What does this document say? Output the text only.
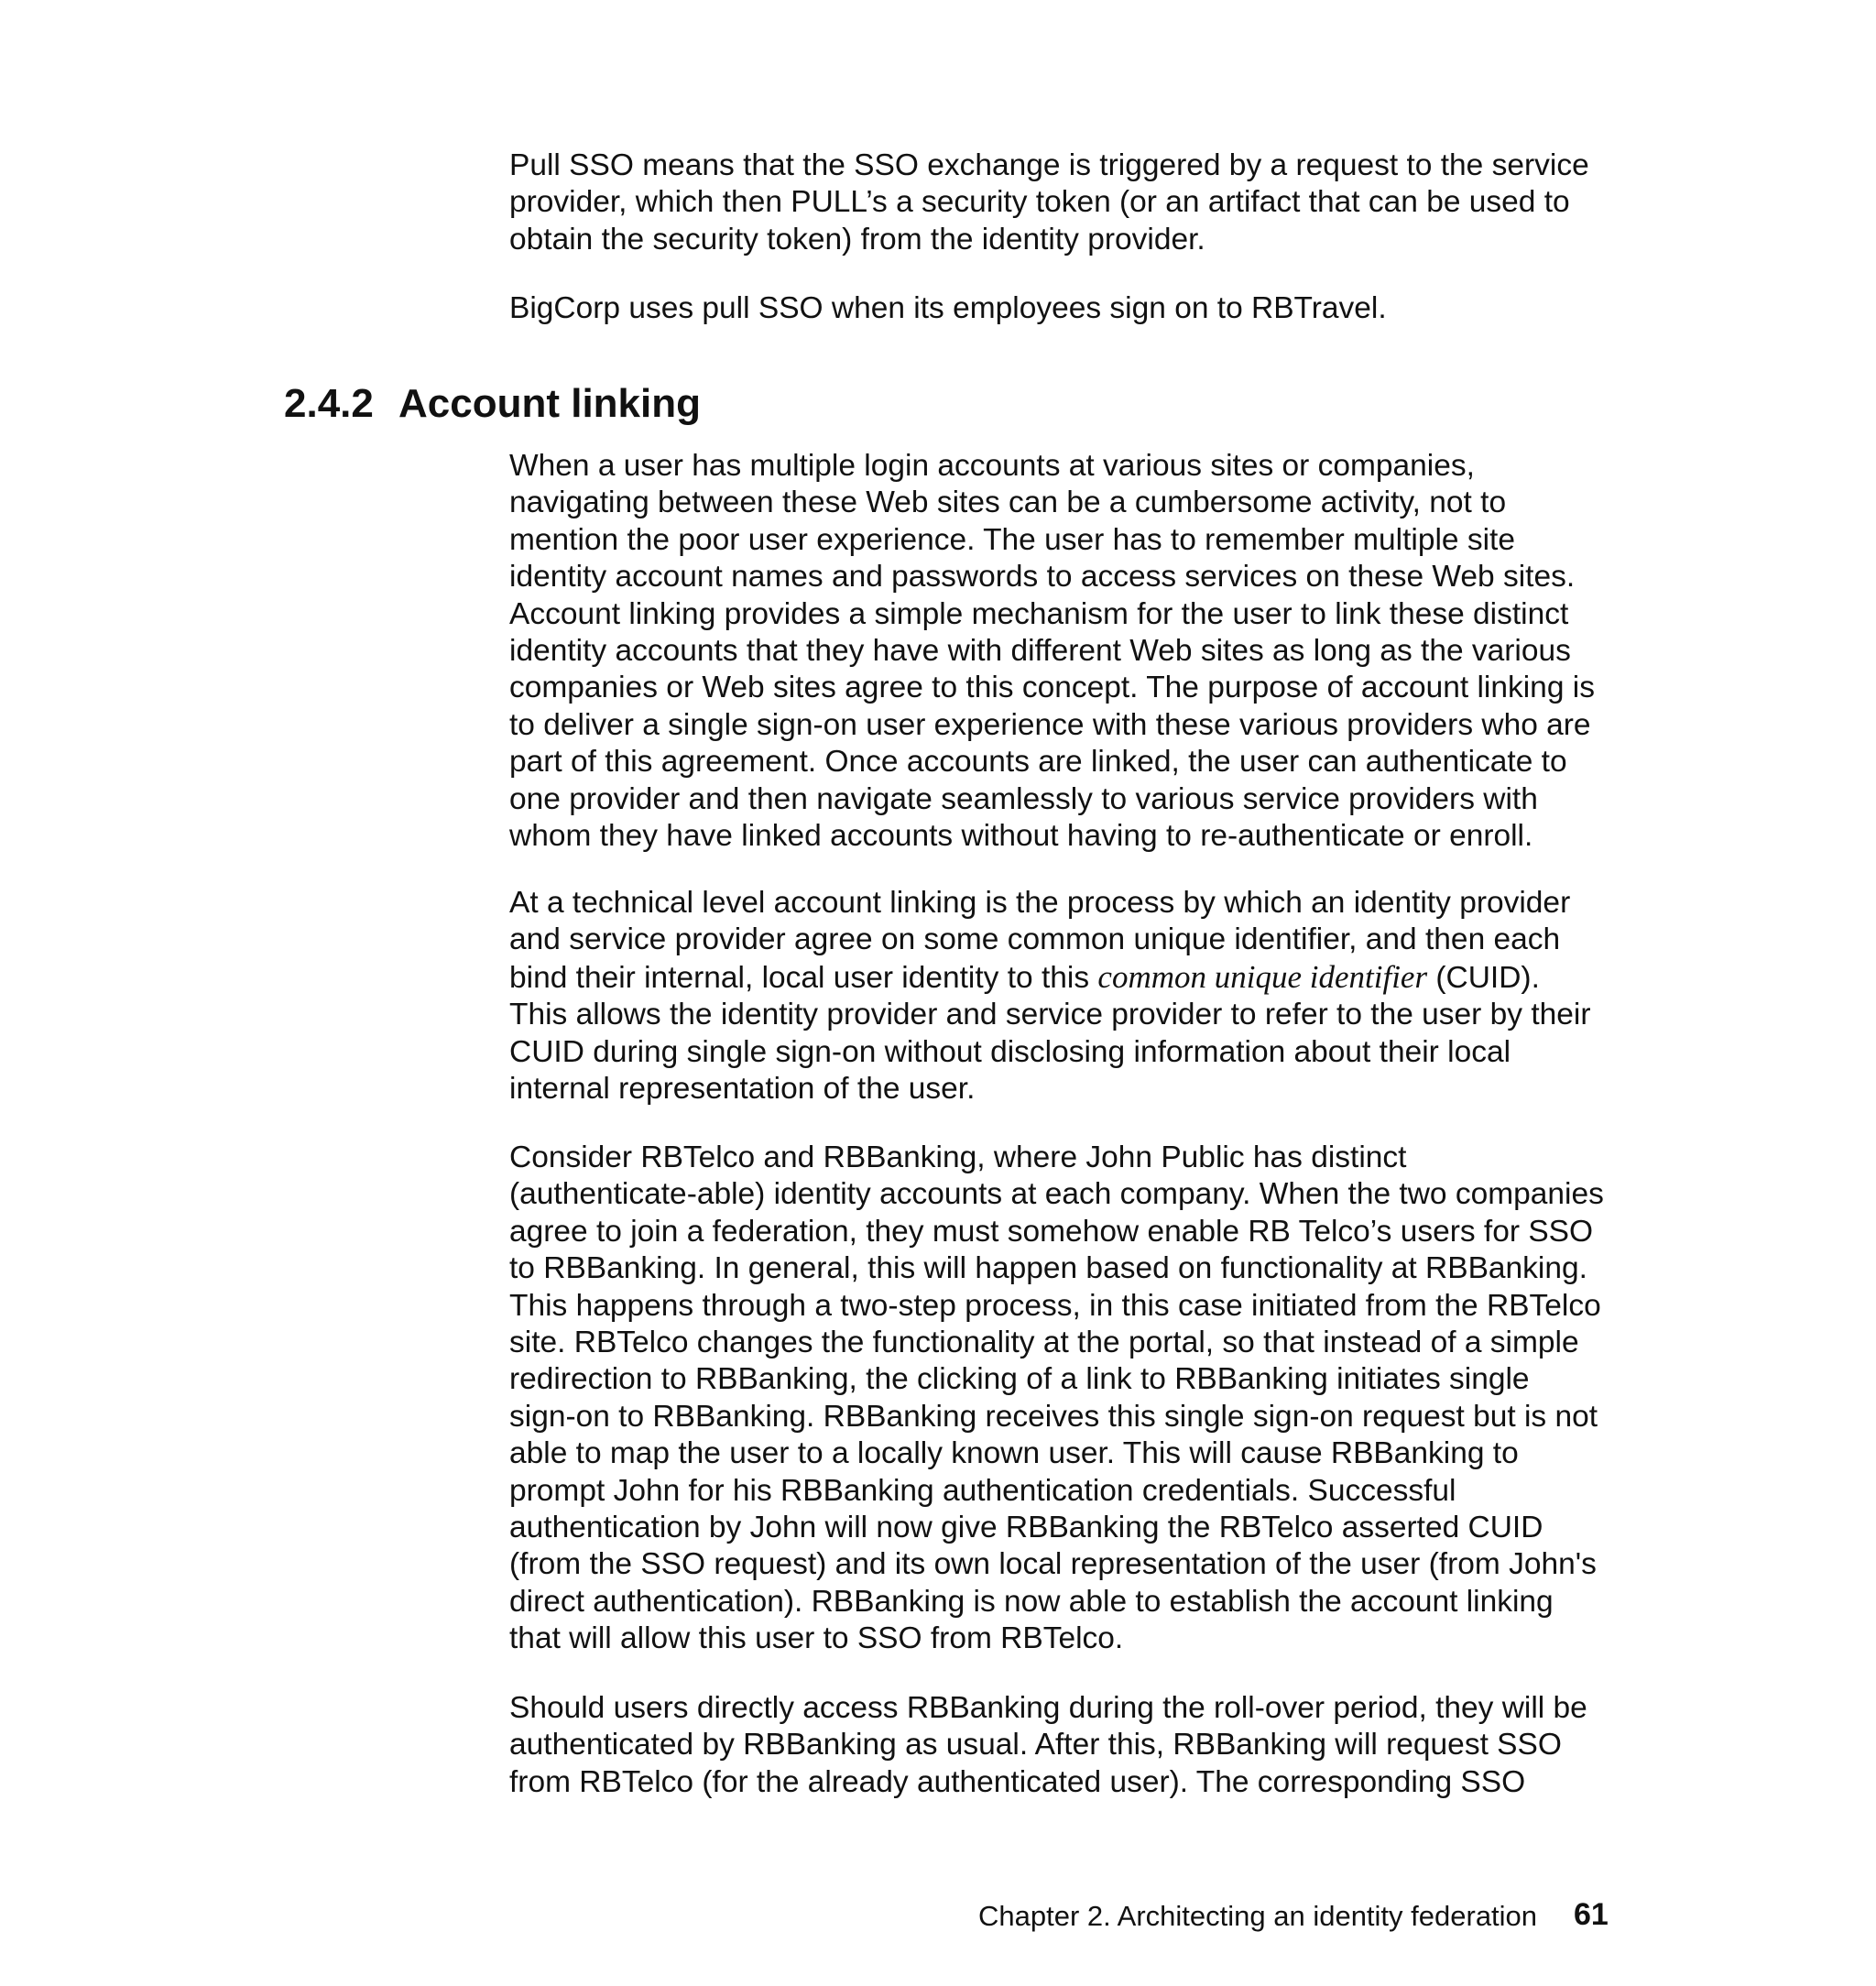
Pull SSO means that the SSO exchange is triggered by a request to the service
provider, which then PULL’s a security token (or an artifact that can be used to
obtain the security token) from the identity provider.
BigCorp uses pull SSO when its employees sign on to RBTravel.
2.4.2 Account linking
When a user has multiple login accounts at various sites or companies,
navigating between these Web sites can be a cumbersome activity, not to
mention the poor user experience. The user has to remember multiple site
identity account names and passwords to access services on these Web sites.
Account linking provides a simple mechanism for the user to link these distinct
identity accounts that they have with different Web sites as long as the various
companies or Web sites agree to this concept. The purpose of account linking is
to deliver a single sign-on user experience with these various providers who are
part of this agreement. Once accounts are linked, the user can authenticate to
one provider and then navigate seamlessly to various service providers with
whom they have linked accounts without having to re-authenticate or enroll.
At a technical level account linking is the process by which an identity provider
and service provider agree on some common unique identifier, and then each
bind their internal, local user identity to this common unique identifier (CUID).
This allows the identity provider and service provider to refer to the user by their
CUID during single sign-on without disclosing information about their local
internal representation of the user.
Consider RBTelco and RBBanking, where John Public has distinct
(authenticate-able) identity accounts at each company. When the two companies
agree to join a federation, they must somehow enable RB Telco’s users for SSO
to RBBanking. In general, this will happen based on functionality at RBBanking.
This happens through a two-step process, in this case initiated from the RBTelco
site. RBTelco changes the functionality at the portal, so that instead of a simple
redirection to RBBanking, the clicking of a link to RBBanking initiates single
sign-on to RBBanking. RBBanking receives this single sign-on request but is not
able to map the user to a locally known user. This will cause RBBanking to
prompt John for his RBBanking authentication credentials. Successful
authentication by John will now give RBBanking the RBTelco asserted CUID
(from the SSO request) and its own local representation of the user (from John's
direct authentication). RBBanking is now able to establish the account linking
that will allow this user to SSO from RBTelco.
Should users directly access RBBanking during the roll-over period, they will be
authenticated by RBBanking as usual. After this, RBBanking will request SSO
from RBTelco (for the already authenticated user). The corresponding SSO
Chapter 2. Architecting an identity federation 61
